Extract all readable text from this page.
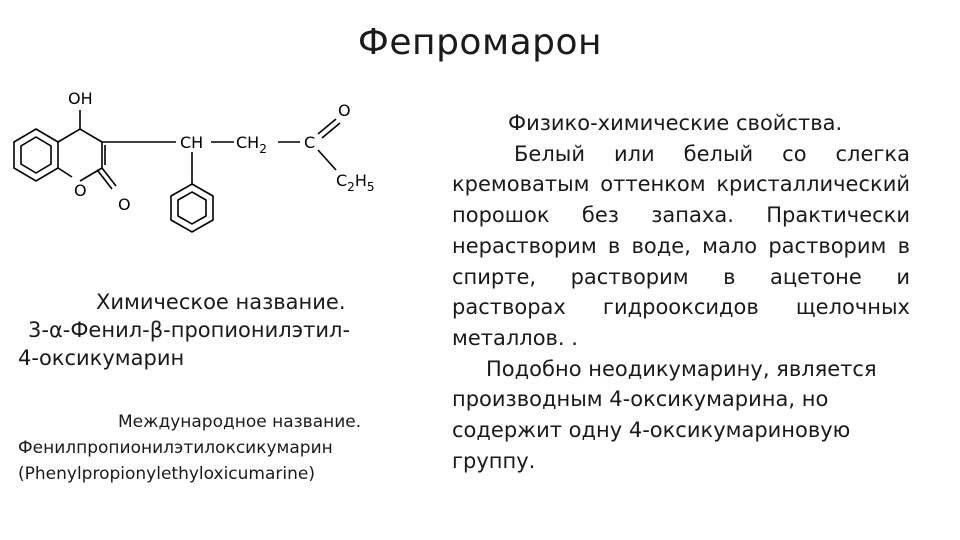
Фепромарон
OH
O
O
CH $CH_2$ C
O
$C_2H_5$
Химическое название.
3-α-Фенил-β-пропионилэтил-
4-оксикумарин
Международное название.
Фенилпропионилэтилоксикумарин
(Phenylpropionylethyloxicumarine)
Физико-химические свойства.

Белый или белый со слегка кремоватым оттенком кристаллический порошок без запаха. Практически нерастворим в воде, мало растворим в спирте, растворим в ацетоне и растворах гидрооксидов щелочных металлов. .

Подобно неодикумарину, является производным 4-оксикумарина, но содержит одну 4-оксикумариновую группу.
